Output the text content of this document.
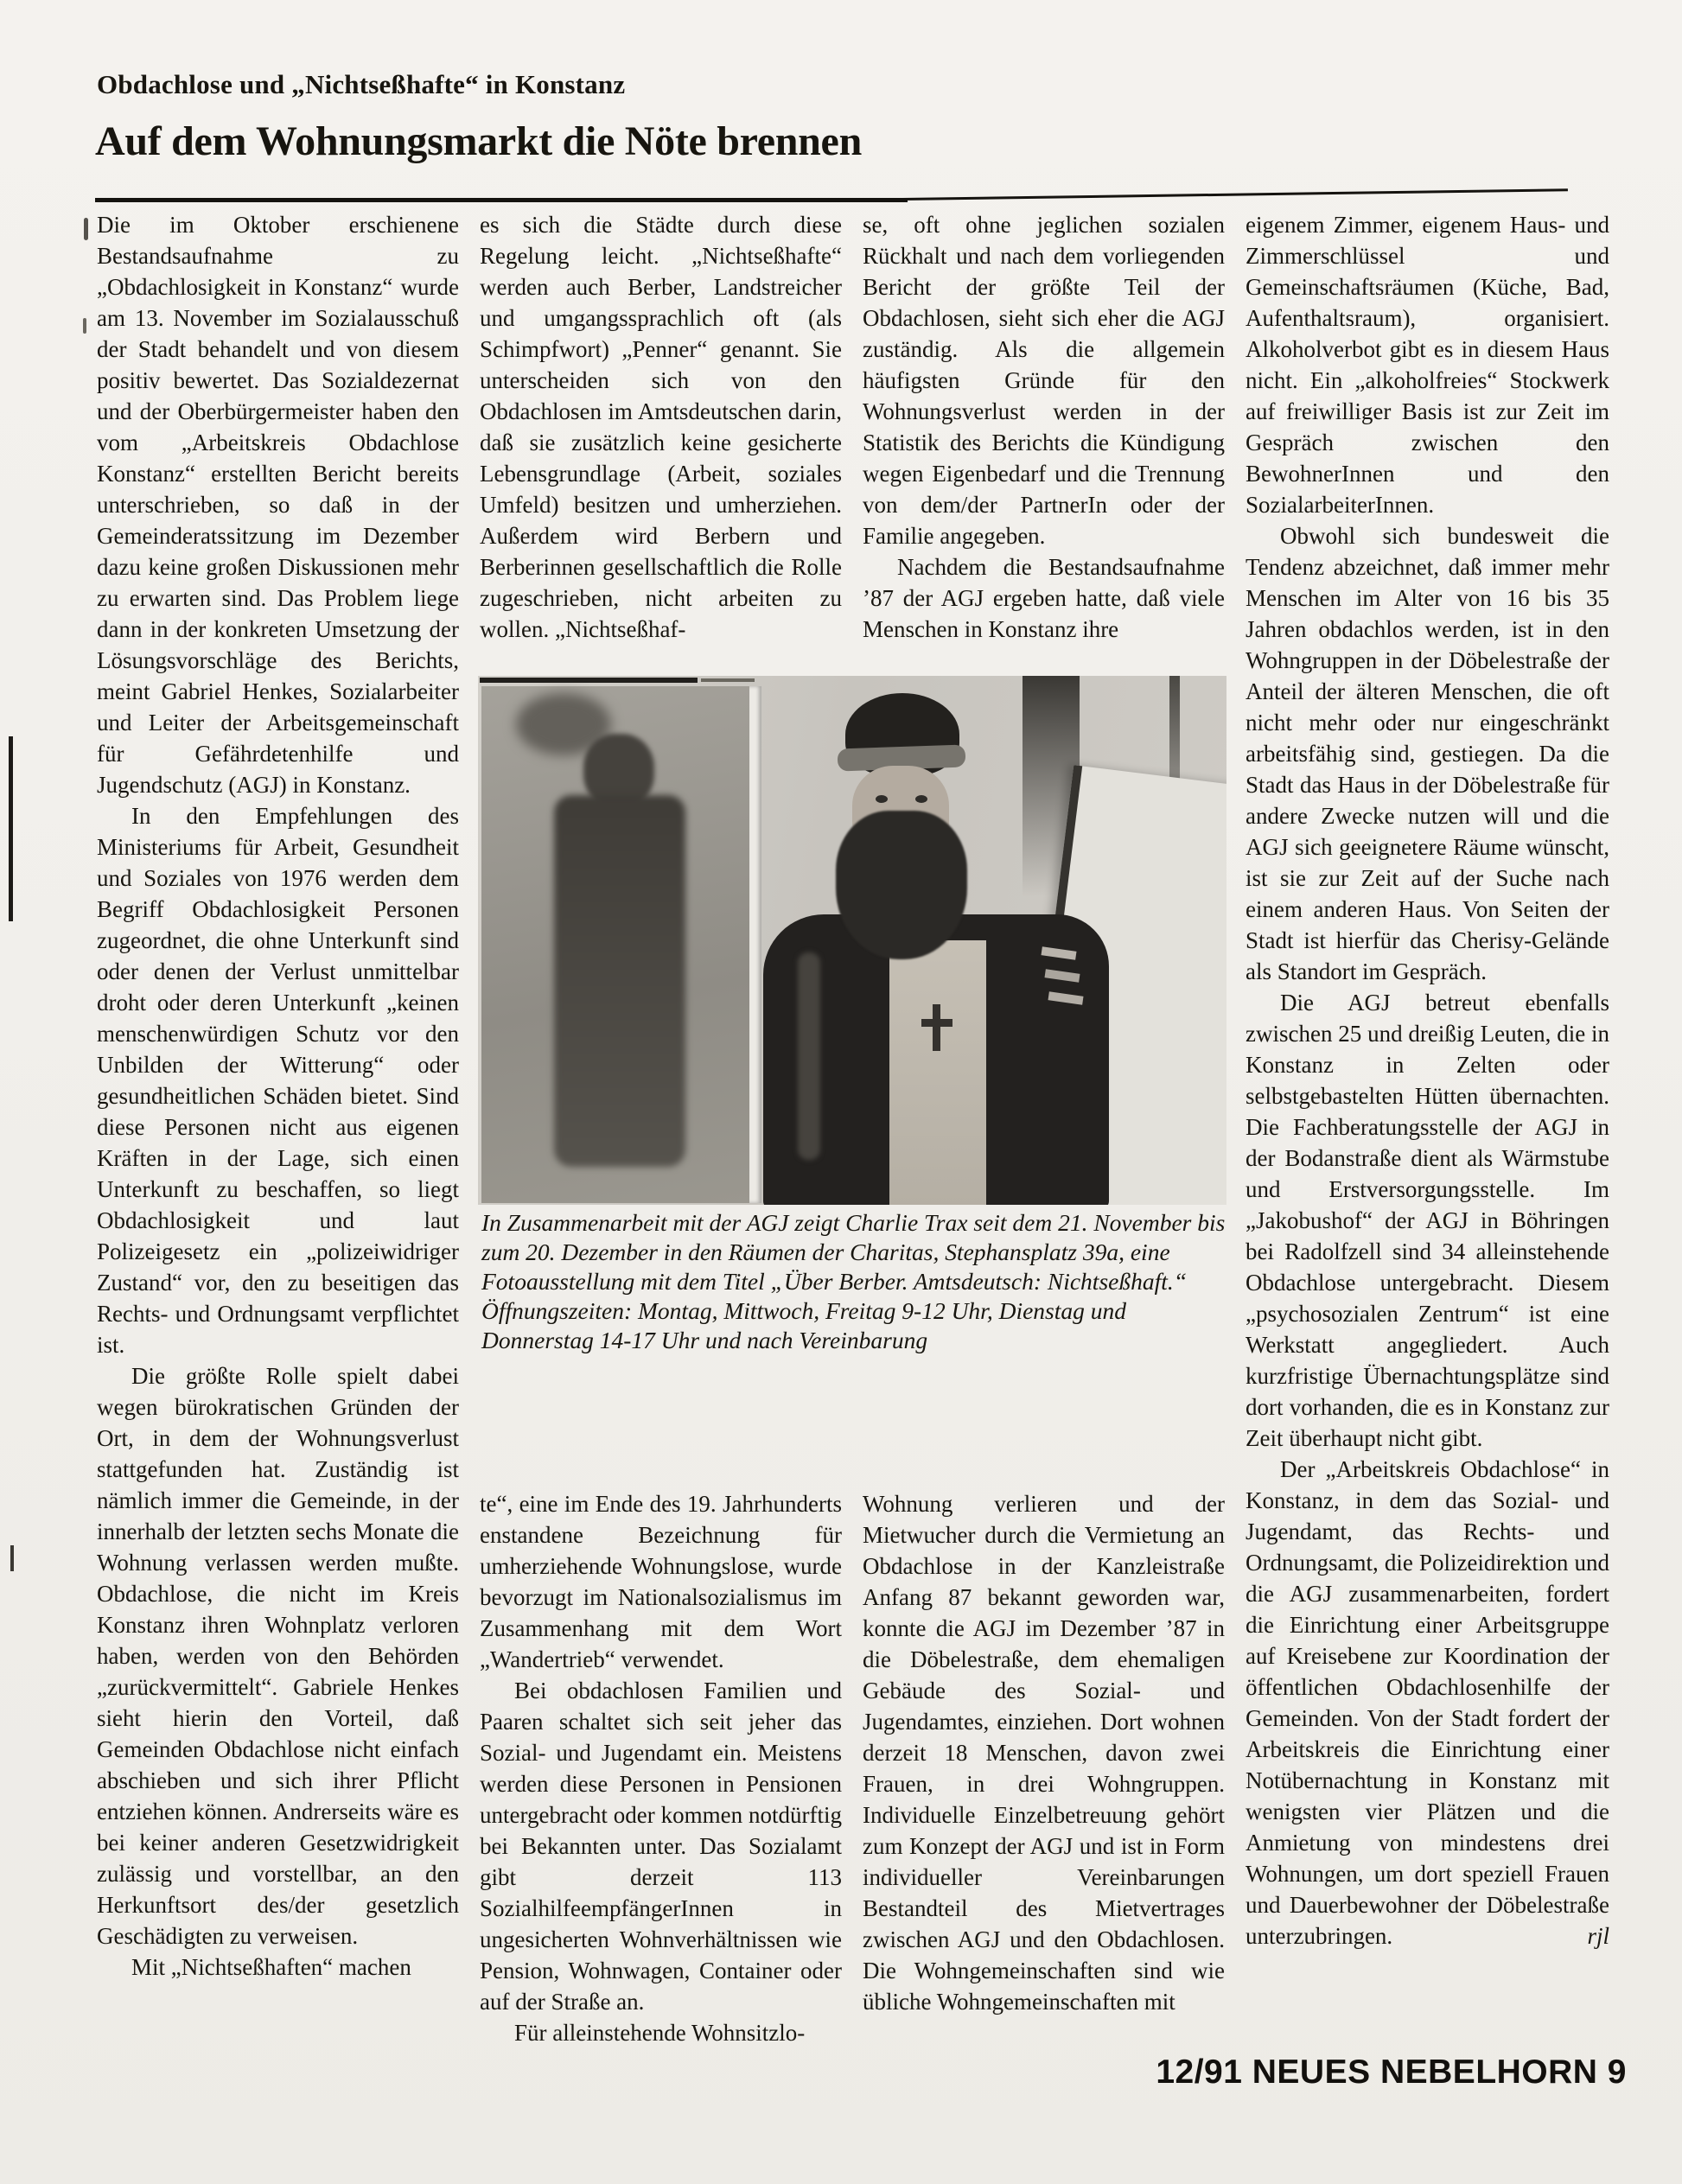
Obdachlose und „Nichtseßhafte“ in Konstanz
Auf dem Wohnungsmarkt die Nöte brennen

Die im Oktober erschienene Bestandsaufnahme zu „Obdachlosigkeit in Konstanz“ wurde am 13. November im Sozialausschuß der Stadt behandelt und von diesem positiv bewertet. Das Sozialdezernat und der Oberbürgermeister haben den vom „Arbeitskreis Obdachlose Konstanz“ erstellten Bericht bereits unterschrieben, so daß in der Gemeinderatssitzung im Dezember dazu keine großen Diskussionen mehr zu erwarten sind. Das Problem liege dann in der konkreten Umsetzung der Lösungsvorschläge des Berichts, meint Gabriel Henkes, Sozialarbeiter und Leiter der Arbeitsgemeinschaft für Gefährdetenhilfe und Jugendschutz (AGJ) in Konstanz.

In den Empfehlungen des Ministeriums für Arbeit, Gesundheit und Soziales von 1976 werden dem Begriff Obdachlosigkeit Personen zugeordnet, die ohne Unterkunft sind oder denen der Verlust unmittelbar droht oder deren Unterkunft „keinen menschenwürdigen Schutz vor den Unbilden der Witterung“ oder gesundheitlichen Schäden bietet. Sind diese Personen nicht aus eigenen Kräften in der Lage, sich einen Unterkunft zu beschaffen, so liegt Obdachlosigkeit und laut Polizeigesetz ein „polizeiwidriger Zustand“ vor, den zu beseitigen das Rechts- und Ordnungsamt verpflichtet ist.

Die größte Rolle spielt dabei wegen bürokratischen Gründen der Ort, in dem der Wohnungsverlust stattgefunden hat. Zuständig ist nämlich immer die Gemeinde, in der innerhalb der letzten sechs Monate die Wohnung verlassen werden mußte. Obdachlose, die nicht im Kreis Konstanz ihren Wohnplatz verloren haben, werden von den Behörden „zurückvermittelt“. Gabriele Henkes sieht hierin den Vorteil, daß Gemeinden Obdachlose nicht einfach abschieben und sich ihrer Pflicht entziehen können. Andrerseits wäre es bei keiner anderen Gesetzwidrigkeit zulässig und vorstellbar, an den Herkunftsort des/der gesetzlich Geschädigten zu verweisen.

Mit „Nichtseßhaften“ machen

es sich die Städte durch diese Regelung leicht. „Nichtseßhafte“ werden auch Berber, Landstreicher und umgangssprachlich oft (als Schimpfwort) „Penner“ genannt. Sie unterscheiden sich von den Obdachlosen im Amtsdeutschen darin, daß sie zusätzlich keine gesicherte Lebensgrundlage (Arbeit, soziales Umfeld) besitzen und umherziehen. Außerdem wird Berbern und Berberinnen gesellschaftlich die Rolle zugeschrieben, nicht arbeiten zu wollen. „Nichtseßhaf-

se, oft ohne jeglichen sozialen Rückhalt und nach dem vorliegenden Bericht der größte Teil der Obdachlosen, sieht sich eher die AGJ zuständig. Als die allgemein häufigsten Gründe für den Wohnungsverlust werden in der Statistik des Berichts die Kündigung wegen Eigenbedarf und die Trennung von dem/der PartnerIn oder der Familie angegeben.

Nachdem die Bestandsaufnahme ’87 der AGJ ergeben hatte, daß viele Menschen in Konstanz ihre

In Zusammenarbeit mit der AGJ zeigt Charlie Trax seit dem 21. November bis zum 20. Dezember in den Räumen der Charitas, Stephansplatz 39a, eine Fotoausstellung mit dem Titel „Über Berber. Amtsdeutsch: Nichtseßhaft.“

Öffnungszeiten: Montag, Mittwoch, Freitag 9-12 Uhr, Dienstag und Donnerstag 14-17 Uhr und nach Vereinbarung

te“, eine im Ende des 19. Jahrhunderts enstandene Bezeichnung für umherziehende Wohnungslose, wurde bevorzugt im Nationalsozialismus im Zusammenhang mit dem Wort „Wandertrieb“ verwendet.

Bei obdachlosen Familien und Paaren schaltet sich seit jeher das Sozial- und Jugendamt ein. Meistens werden diese Personen in Pensionen untergebracht oder kommen notdürftig bei Bekannten unter. Das Sozialamt gibt derzeit 113 SozialhilfeempfängerInnen in ungesicherten Wohnverhältnissen wie Pension, Wohnwagen, Container oder auf der Straße an.

Für alleinstehende Wohnsitzlo-

Wohnung verlieren und der Mietwucher durch die Vermietung an Obdachlose in der Kanzleistraße Anfang 87 bekannt geworden war, konnte die AGJ im Dezember ’87 in die Döbelestraße, dem ehemaligen Gebäude des Sozial- und Jugendamtes, einziehen. Dort wohnen derzeit 18 Menschen, davon zwei Frauen, in drei Wohngruppen. Individuelle Einzelbetreuung gehört zum Konzept der AGJ und ist in Form individueller Vereinbarungen Bestandteil des Mietvertrages zwischen AGJ und den Obdachlosen. Die Wohngemeinschaften sind wie übliche Wohngemeinschaften mit

eigenem Zimmer, eigenem Haus- und Zimmerschlüssel und Gemeinschaftsräumen (Küche, Bad, Aufenthaltsraum), organisiert. Alkoholverbot gibt es in diesem Haus nicht. Ein „alkoholfreies“ Stockwerk auf freiwilliger Basis ist zur Zeit im Gespräch zwischen den BewohnerInnen und den SozialarbeiterInnen.

Obwohl sich bundesweit die Tendenz abzeichnet, daß immer mehr Menschen im Alter von 16 bis 35 Jahren obdachlos werden, ist in den Wohngruppen in der Döbelestraße der Anteil der älteren Menschen, die oft nicht mehr oder nur eingeschränkt arbeitsfähig sind, gestiegen. Da die Stadt das Haus in der Döbelestraße für andere Zwecke nutzen will und die AGJ sich geeignetere Räume wünscht, ist sie zur Zeit auf der Suche nach einem anderen Haus. Von Seiten der Stadt ist hierfür das Cherisy-Gelände als Standort im Gespräch.

Die AGJ betreut ebenfalls zwischen 25 und dreißig Leuten, die in Konstanz in Zelten oder selbstgebastelten Hütten übernachten. Die Fachberatungsstelle der AGJ in der Bodanstraße dient als Wärmstube und Erstversorgungsstelle. Im „Jakobushof“ der AGJ in Böhringen bei Radolfzell sind 34 alleinstehende Obdachlose untergebracht. Diesem „psychosozialen Zentrum“ ist eine Werkstatt angegliedert. Auch kurzfristige Übernachtungsplätze sind dort vorhanden, die es in Konstanz zur Zeit überhaupt nicht gibt.

Der „Arbeitskreis Obdachlose“ in Konstanz, in dem das Sozial- und Jugendamt, das Rechts- und Ordnungsamt, die Polizeidirektion und die AGJ zusammenarbeiten, fordert die Einrichtung einer Arbeitsgruppe auf Kreisebene zur Koordination der öffentlichen Obdachlosenhilfe der Gemeinden. Von der Stadt fordert der Arbeitskreis die Einrichtung einer Notübernachtung in Konstanz mit wenigsten vier Plätzen und die Anmietung von mindestens drei Wohnungen, um dort speziell Frauen und Dauerbewohner der Döbelestraße unterzubringen.	rjl
12/91 NEUES NEBELHORN 9
